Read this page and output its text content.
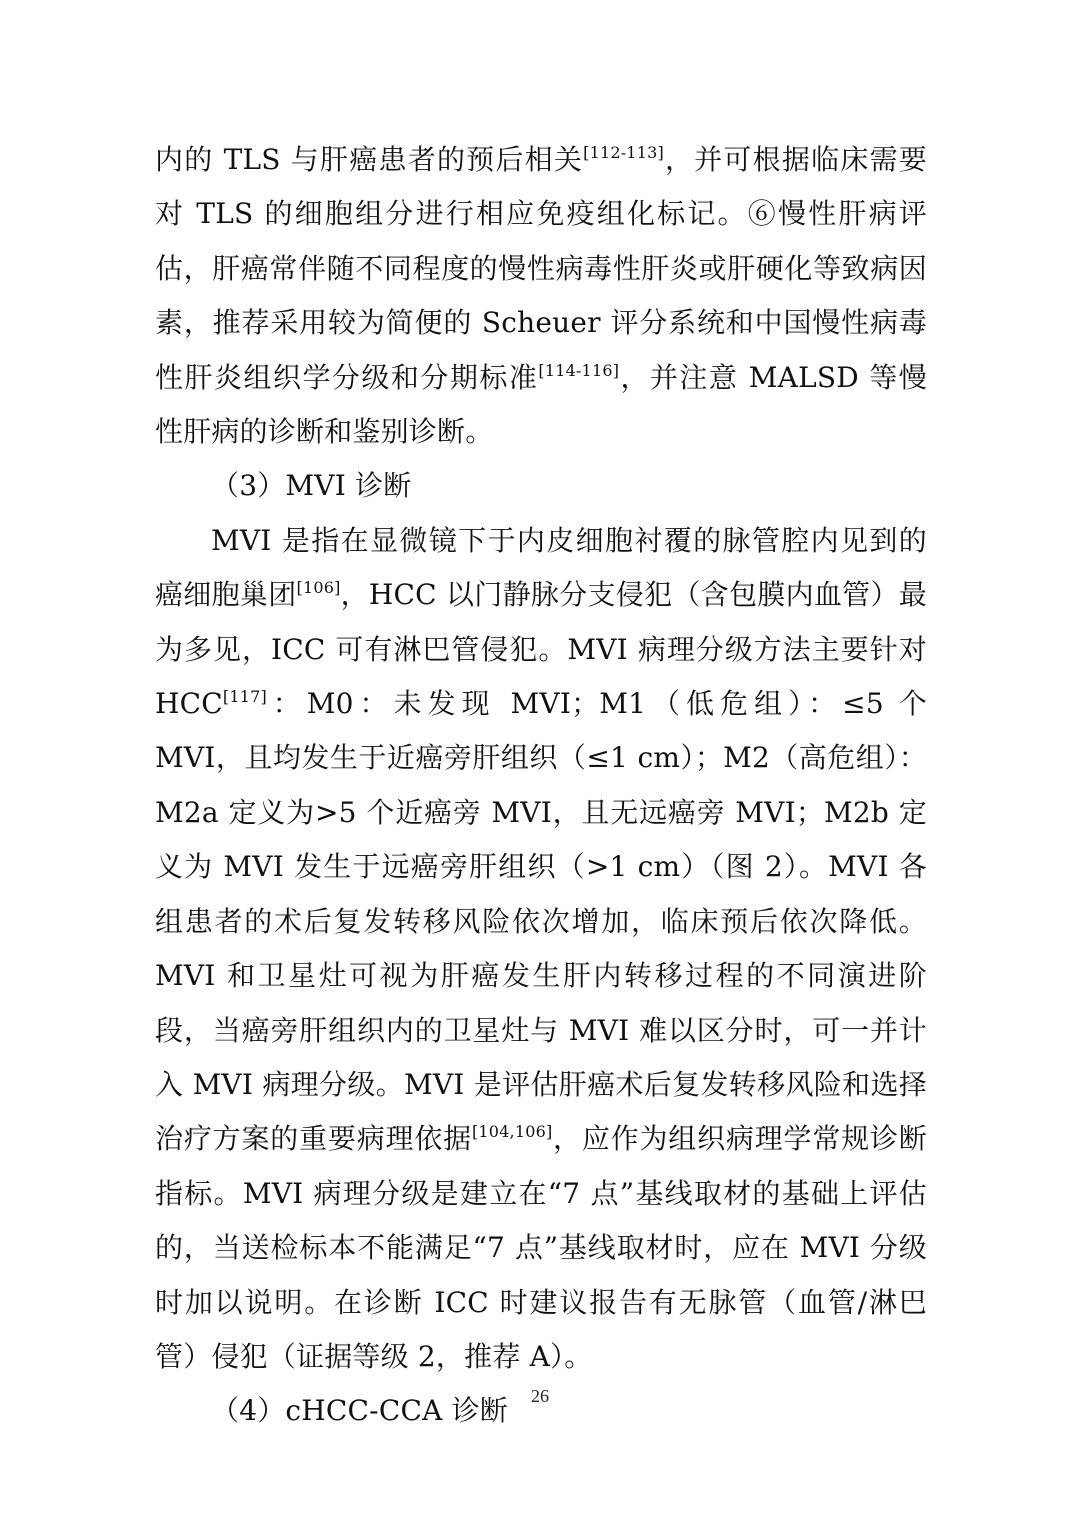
内的 TLS 与肝癌患者的预后相关[112-113]，并可根据临床需要对 TLS 的细胞组分进行相应免疫组化标记。⑥慢性肝病评估，肝癌常伴随不同程度的慢性病毒性肝炎或肝硬化等致病因素，推荐采用较为简便的 Scheuer 评分系统和中国慢性病毒性肝炎组织学分级和分期标准[114-116]，并注意 MALSD 等慢性肝病的诊断和鉴别诊断。

（3）MVI 诊断

MVI 是指在显微镜下于内皮细胞衬覆的脉管腔内见到的癌细胞巢团[106]，HCC 以门静脉分支侵犯（含包膜内血管）最为多见，ICC 可有淋巴管侵犯。MVI 病理分级方法主要针对 HCC[117]：M0：未发现 MVI；M1（低危组）：≤5 个 MVI，且均发生于近癌旁肝组织（≤1 cm）；M2（高危组）：M2a 定义为>5 个近癌旁 MVI，且无远癌旁 MVI；M2b 定义为 MVI 发生于远癌旁肝组织（>1 cm）（图 2）。MVI 各组患者的术后复发转移风险依次增加，临床预后依次降低。MVI 和卫星灶可视为肝癌发生肝内转移过程的不同演进阶段，当癌旁肝组织内的卫星灶与 MVI 难以区分时，可一并计入 MVI 病理分级。MVI 是评估肝癌术后复发转移风险和选择治疗方案的重要病理依据[104,106]，应作为组织病理学常规诊断指标。MVI 病理分级是建立在“7 点”基线取材的基础上评估的，当送检标本不能满足“7 点”基线取材时，应在 MVI 分级时加以说明。在诊断 ICC 时建议报告有无脉管（血管/淋巴管）侵犯（证据等级 2，推荐 A）。

（4）cHCC-CCA 诊断	26
